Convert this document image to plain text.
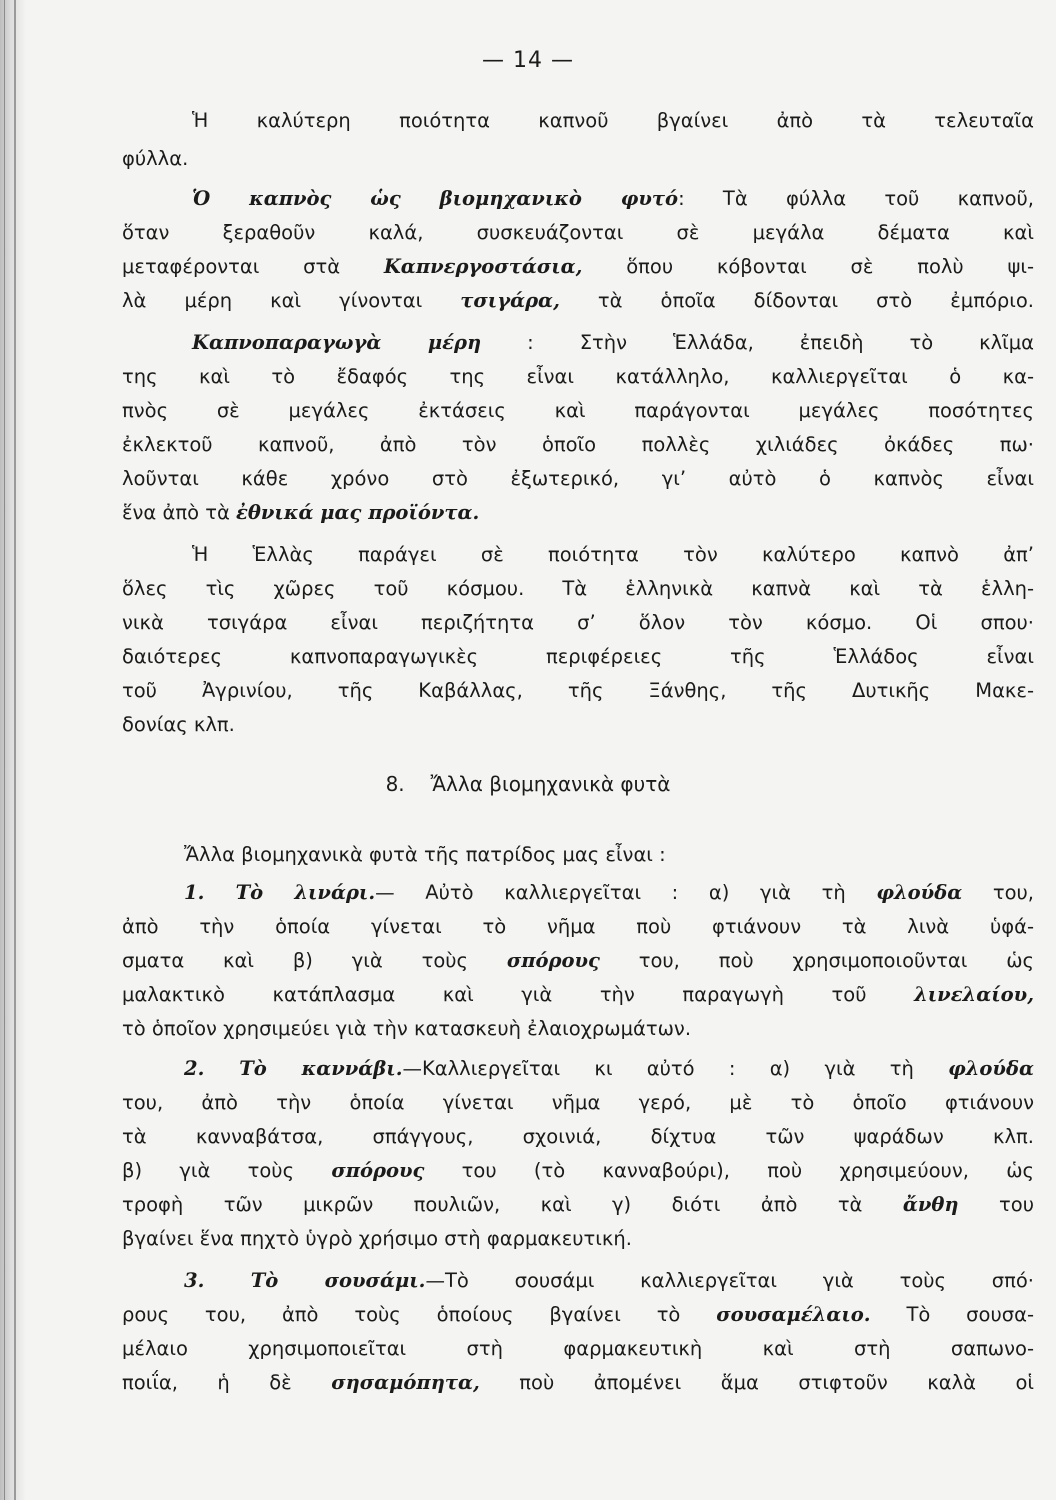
— 14 —
Ἡ καλύτερη ποιότητα καπνοῦ βγαίνει ἀπὸ τὰ τελευταῖα
φύλλα.
Ὁ καπνὸς ὡς βιομηχανικὸ φυτό: Τὰ φύλλα τοῦ καπνοῦ,
ὅταν ξεραθοῦν καλά, συσκευάζονται σὲ μεγάλα δέματα καὶ
μεταφέρονται στὰ Καπνεργοστάσια, ὅπου κόβονται σὲ πολὺ ψι-
λὰ μέρη καὶ γίνονται τσιγάρα, τὰ ὁποῖα δίδονται στὸ ἐμπόριο.
Καπνοπαραγωγὰ μέρη : Στὴν Ἑλλάδα, ἐπειδὴ τὸ κλῖμα
της καὶ τὸ ἔδαφός της εἶναι κατάλληλο, καλλιεργεῖται ὁ κα-
πνὸς σὲ μεγάλες ἐκτάσεις καὶ παράγονται μεγάλες ποσότητες
ἐκλεκτοῦ καπνοῦ, ἀπὸ τὸν ὁποῖο πολλὲς χιλιάδες ὀκάδες πω·
λοῦνται κάθε χρόνο στὸ ἐξωτερικό, γι’ αὐτὸ ὁ καπνὸς εἶναι
ἕνα ἀπὸ τὰ ἐθνικά μας προϊόντα.
Ἡ Ἑλλὰς παράγει σὲ ποιότητα τὸν καλύτερο καπνὸ ἀπ’
ὅλες τὶς χῶρες τοῦ κόσμου. Τὰ ἑλληνικὰ καπνὰ καὶ τὰ ἑλλη-
νικὰ τσιγάρα εἶναι περιζήτητα σ’ ὅλον τὸν κόσμο. Οἱ σπου·
δαιότερες καπνοπαραγωγικὲς περιφέρειες τῆς Ἑλλάδος εἶναι
τοῦ Ἀγρινίου, τῆς Καβάλλας, τῆς Ξάνθης, τῆς Δυτικῆς Μακε-
δονίας κλπ.
Ἄλλα βιομηχανικὰ φυτὰ τῆς πατρίδος μας εἶναι :
1. Τὸ λινάρι.— Αὐτὸ καλλιεργεῖται : α) γιὰ τὴ φλούδα του,
ἀπὸ τὴν ὁποία γίνεται τὸ νῆμα ποὺ φτιάνουν τὰ λινὰ ὑφά-
σματα καὶ β) γιὰ τοὺς σπόρους του, ποὺ χρησιμοποιοῦνται ὡς
μαλακτικὸ κατάπλασμα καὶ γιὰ τὴν παραγωγὴ τοῦ λινελαίου,
τὸ ὁποῖον χρησιμεύει γιὰ τὴν κατασκευὴ ἐλαιοχρωμάτων.
2. Τὸ καννάβι.—Καλλιεργεῖται κι αὐτό : α) γιὰ τὴ φλούδα
του, ἀπὸ τὴν ὁποία γίνεται νῆμα γερό, μὲ τὸ ὁποῖο φτιάνουν
τὰ κανναβάτσα, σπάγγους, σχοινιά, δίχτυα τῶν ψαράδων κλπ.
β) γιὰ τοὺς σπόρους του (τὸ κανναβούρι), ποὺ χρησιμεύουν, ὡς
τροφὴ τῶν μικρῶν πουλιῶν, καὶ γ) διότι ἀπὸ τὰ ἄνθη του
βγαίνει ἕνα πηχτὸ ὑγρὸ χρήσιμο στὴ φαρμακευτική.
3. Τὸ σουσάμι.—Τὸ σουσάμι καλλιεργεῖται γιὰ τοὺς σπό·
ρους του, ἀπὸ τοὺς ὁποίους βγαίνει τὸ σουσαμέλαιο. Τὸ σουσα-
μέλαιο χρησιμοποιεῖται στὴ φαρμακευτικὴ καὶ στὴ σαπωνο-
ποιΐα, ἡ δὲ σησαμόπητα, ποὺ ἀπομένει ἅμα στιφτοῦν καλὰ οἱ
8. Ἄλλα βιομηχανικὰ φυτὰ
